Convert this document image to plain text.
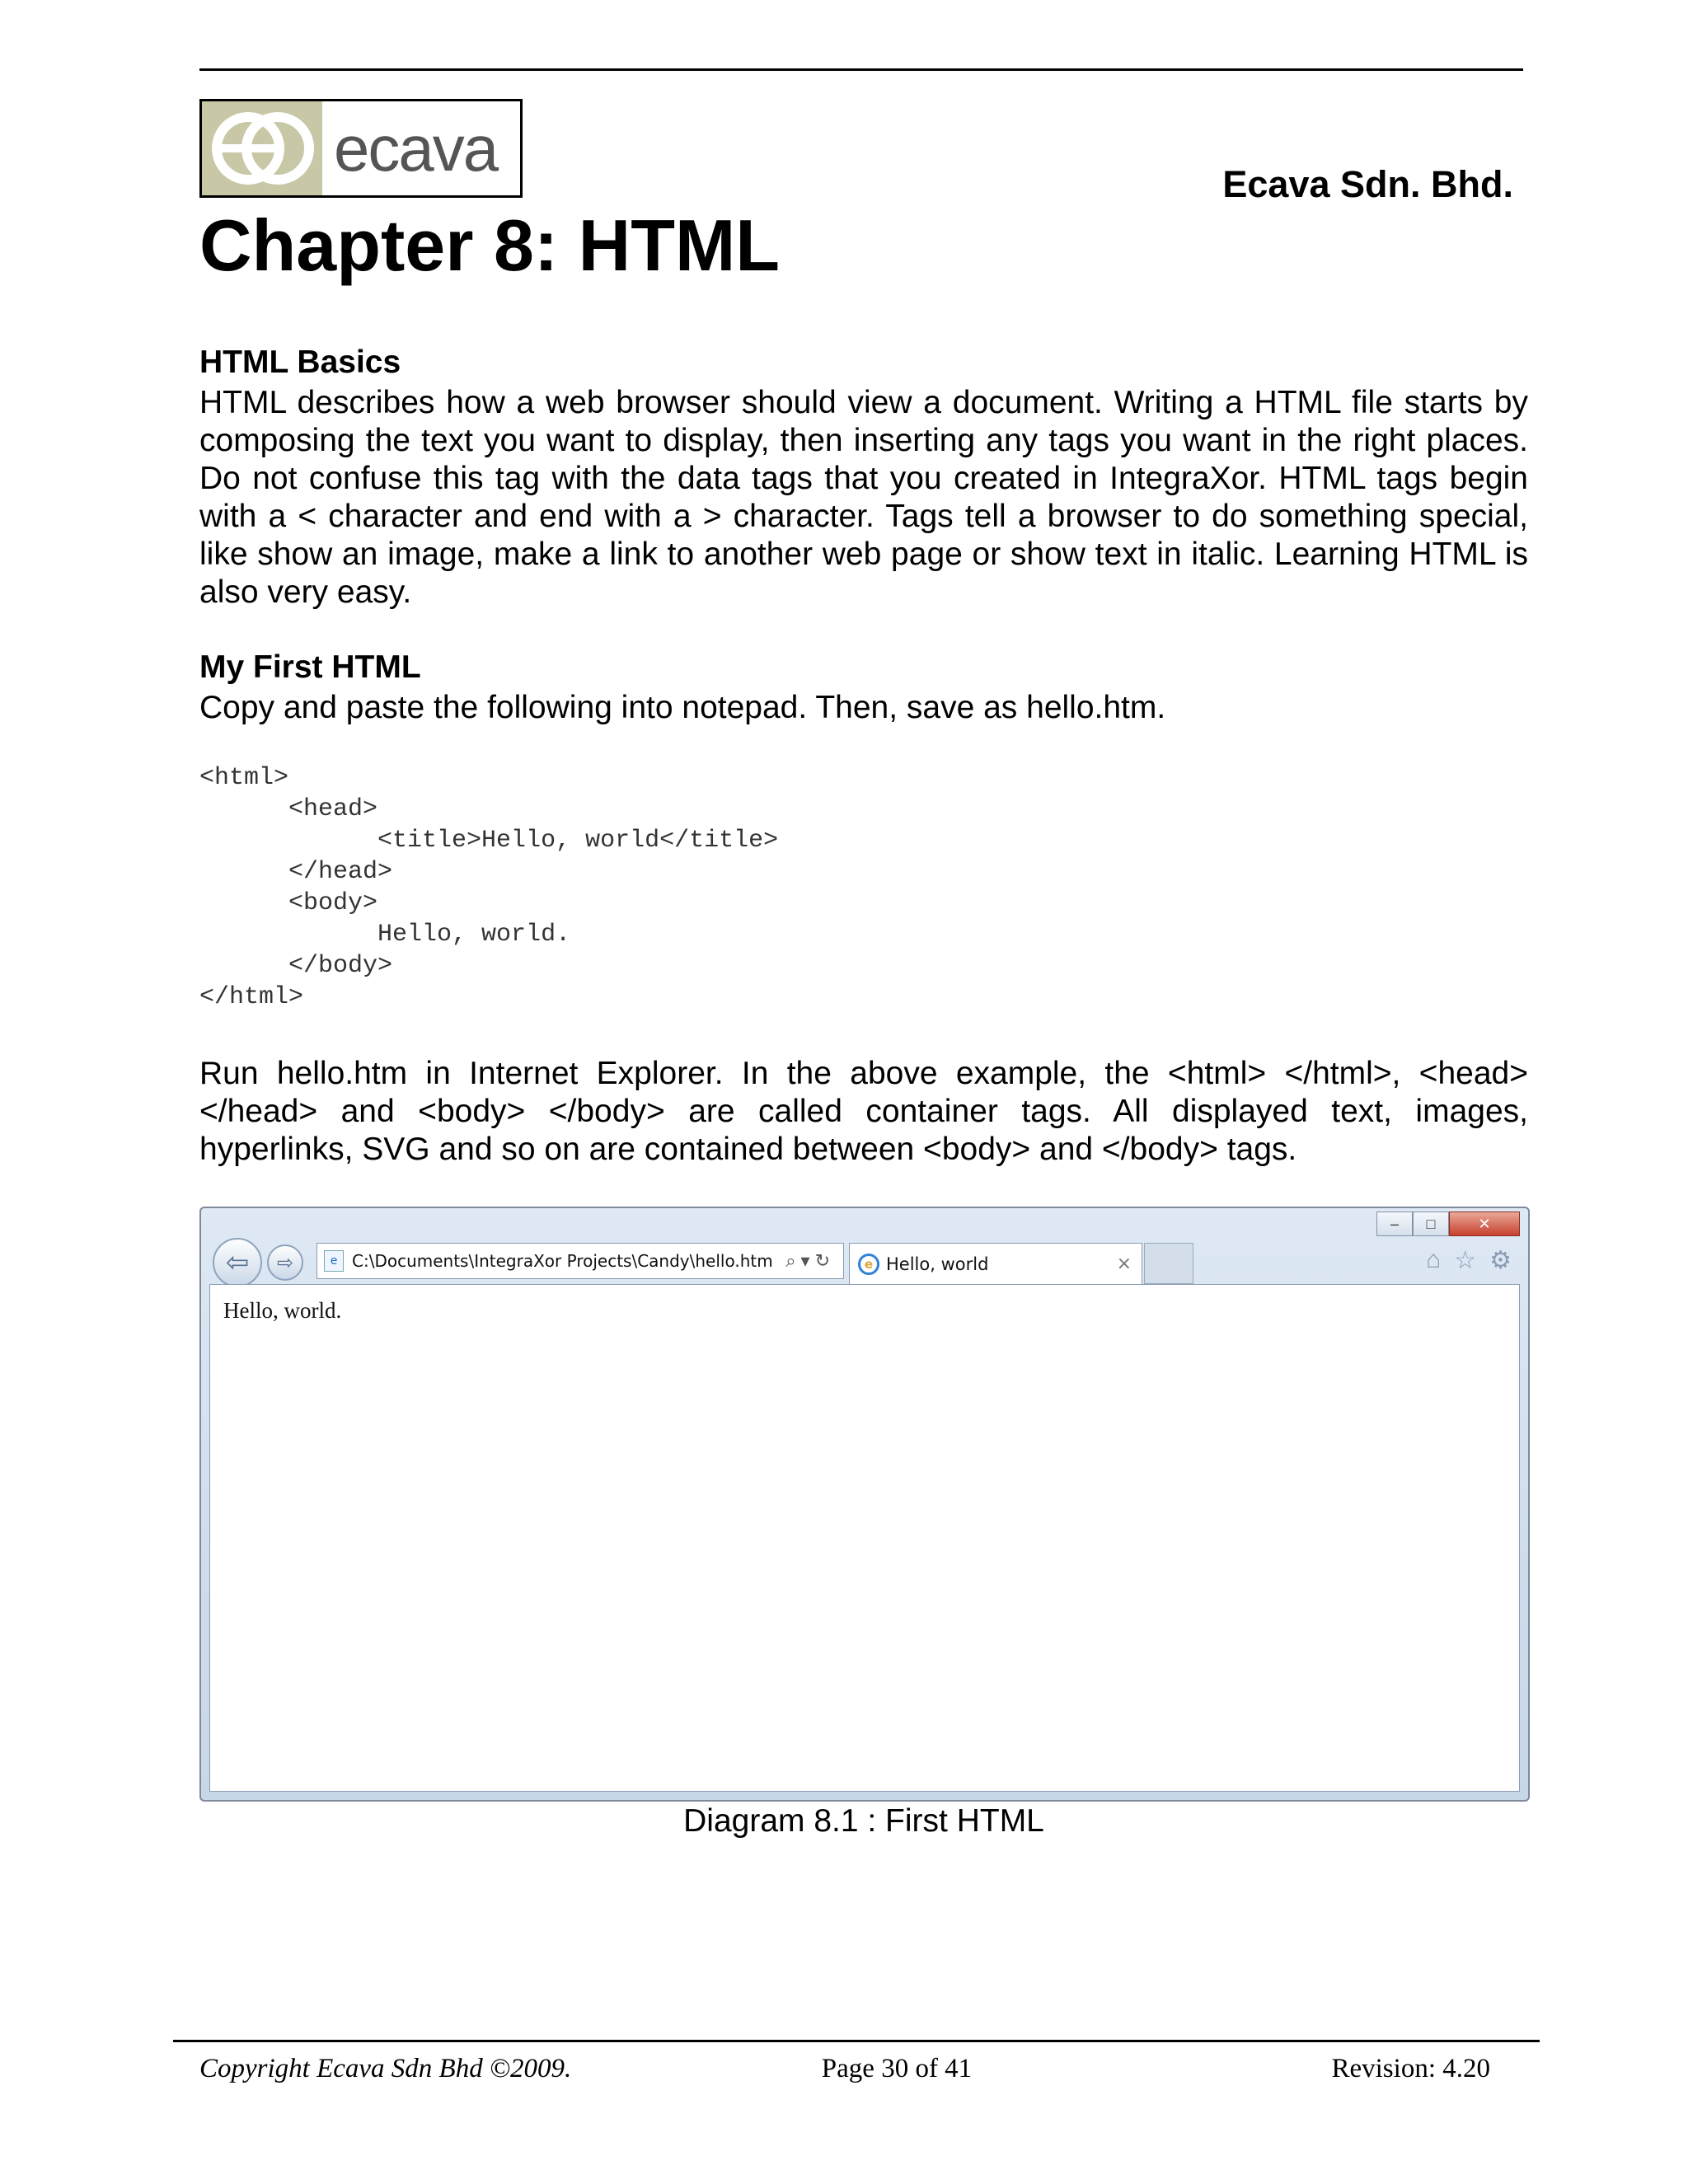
ecava	Ecava Sdn. Bhd.
Chapter 8: HTML
HTML Basics
HTML describes how a web browser should view a document. Writing a HTML file starts by composing the text you want to display, then inserting any tags you want in the right places. Do not confuse this tag with the data tags that you created in IntegraXor. HTML tags begin with a < character and end with a > character. Tags tell a browser to do something special, like show an image, make a link to another web page or show text in italic. Learning HTML is also very easy.
My First HTML
Copy and paste the following into notepad. Then, save as hello.htm.
<html>
<head>
<title>Hello, world</title>
</head>
<body>
Hello, world.
</body>
</html>
Run hello.htm in Internet Explorer. In the above example, the <html> </html>, <head> </head> and <body> </body> are called container tags. All displayed text, images, hyperlinks, SVG and so on are contained between <body> and </body> tags.
–	□	✕
⇦	⇨	e C:\Documents\IntegraXor Projects\Candy\hello.htm ⌕▾↻	e Hello, world	×	⌂ ☆ ⚙
Hello, world.
Diagram 8.1 : First HTML
Copyright Ecava Sdn Bhd ©2009.	Page 30 of 41	Revision: 4.20
